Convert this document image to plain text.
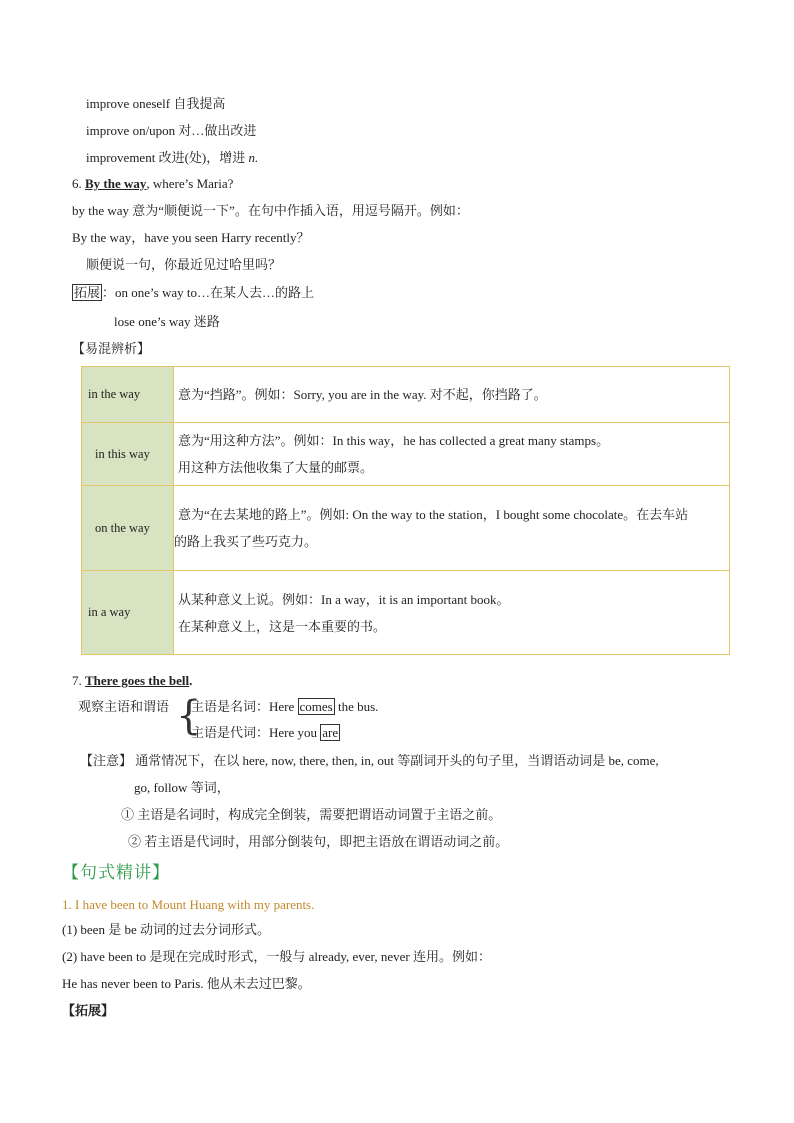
improve oneself 自我提高
improve on/upon 对…做出改进
improvement 改进(处)，增进 n.
6. By the way, where’s Maria?
by the way 意为“顺便说一下”。在句中作插入语，用逗号隔开。例如：
By the way，have you seen Harry recently？
顺便说一句，你最近见过哈里吗？
拓展 ：on one’s way to…在某人去…的路上
lose one’s way 迷路
【易混辨析】
in the way	意为“挡路”。例如：Sorry, you are in the way. 对不起，你挡路了。

in this way	意为“用这种方法”。例如：In this way，he has collected a great many stamps。
用这种方法他收集了大量的邮票。

on the way	意为“在去某地的路上”。例如: On the way to the station，I bought some chocolate。在去车站
的路上我买了些巧克力。

in a way	从某种意义上说。例如：In a way，it is an important book。
在某种意义上，这是一本重要的书。
7. There goes the bell.
观察主语和谓语 {
主语是名词：Here comes the bus.
主语是代词：Here you are
【注意】 通常情况下，在以 here, now, there, then, in, out 等副词开头的句子里，当谓语动词是 be, come,
go, follow 等词，
① 主语是名词时，构成完全倒装，需要把谓语动词置于主语之前。
② 若主语是代词时，用部分倒装句，即把主语放在谓语动词之前。
【句式精讲】
1. I have been to Mount Huang with my parents.
(1) been 是 be 动词的过去分词形式。
(2) have been to 是现在完成时形式，一般与 already, ever, never 连用。例如：
He has never been to Paris. 他从未去过巴黎。
【拓展】
